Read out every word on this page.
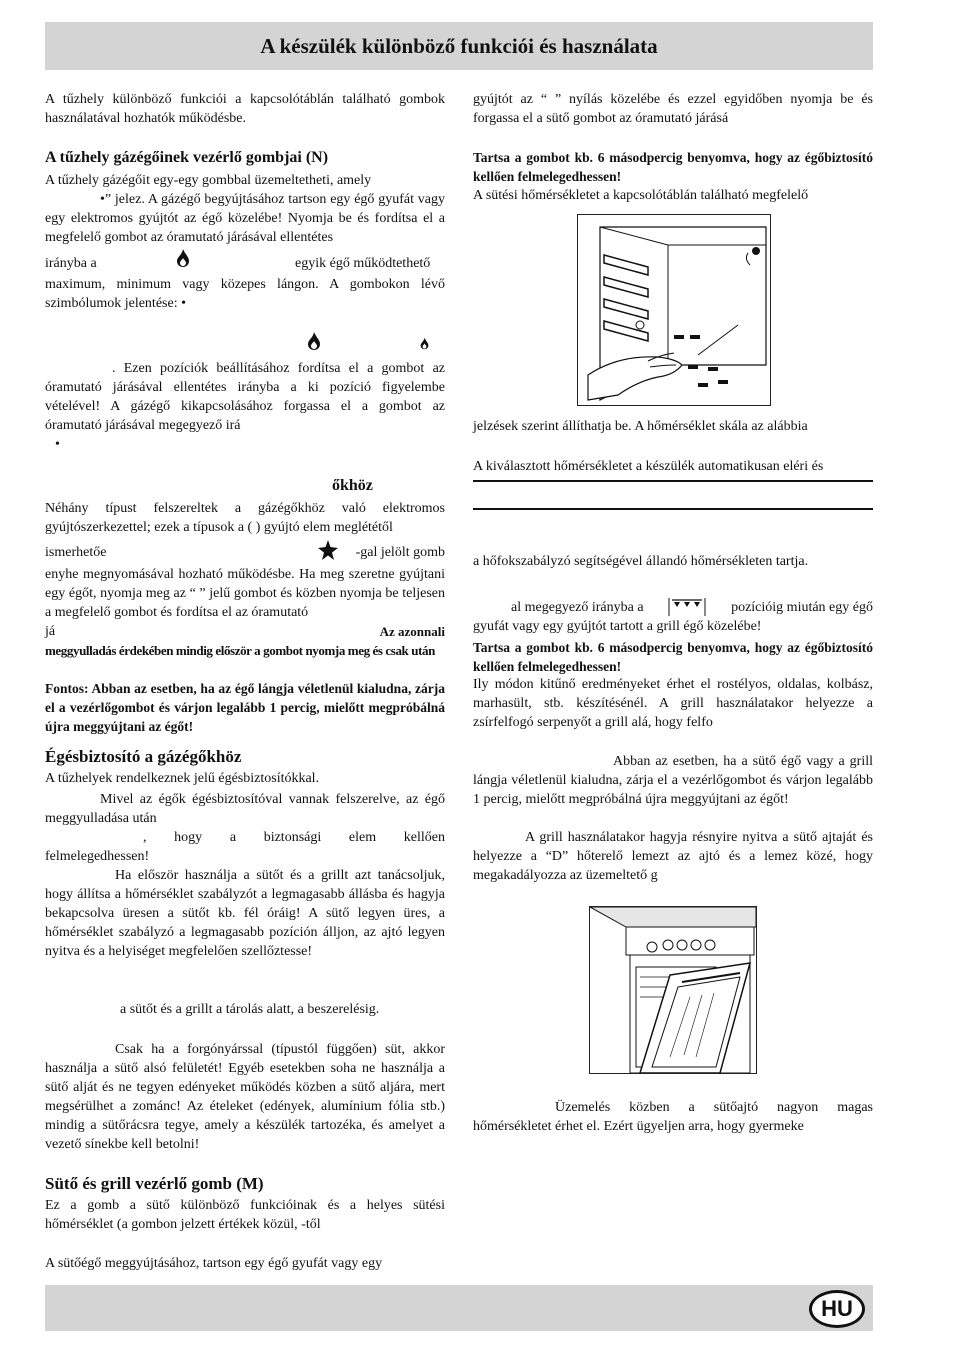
A készülék különböző funkciói és használata

A tűzhely különböző funkciói a kapcsolótáblán található gombok használatával hozhatók működésbe.

A tűzhely gázégőinek vezérlő gombjai (N)

A tűzhely gázégőit egy-egy gombbal üzemeltetheti, amely

•” jelez. A gázégő begyújtásához tartson egy égő gyufát vagy egy elektromos gyújtót az égő közelébe! Nyomja be és fordítsa el a megfelelő gombot az óramutató járásával ellentétes

irányba a	egyik égő működtethető

maximum, minimum vagy közepes lángon. A gombokon lévő szimbólumok jelentése: •

. Ezen pozíciók beállításához fordítsa el a gombot az óramutató járásával ellentétes irányba a ki pozíció figyelembe vételével! A gázégő kikapcsolásához forgassa el a gombot az óramutató járásával megegyező irá

•

őkhöz

Néhány típust felszereltek a gázégőkhöz való elektromos gyújtószerkezettel; ezek a típusok a ( ) gyújtó elem meglététől

ismerhetőe	-gal jelölt gomb

enyhe megnyomásával hozható működésbe. Ha meg szeretne gyújtani egy égőt, nyomja meg az “ ” jelű gombot és közben nyomja be teljesen a megfelelő gombot és fordítsa el az óramutató

já	Az azonnali

meggyulladás érdekében mindig először a gombot nyomja meg és csak után

Fontos: Abban az esetben, ha az égő lángja véletlenül kialudna, zárja el a vezérlőgombot és várjon legalább 1 percig, mielőtt megpróbálná újra meggyújtani az égőt!

Égésbiztosító a gázégőkhöz

A tűzhelyek rendelkeznek jelű égésbiztosítókkal.

Mivel az égők égésbiztosítóval vannak felszerelve, az égő meggyulladása után

, hogy a biztonsági elem kellően felmelegedhessen!

Ha először használja a sütőt és a grillt azt tanácsoljuk, hogy állítsa a hőmérséklet szabályzót a legmagasabb állásba és hagyja bekapcsolva üresen a sütőt kb. fél óráig! A sütő legyen üres, a hőmérséklet szabályzó a legmagasabb pozíción álljon, az ajtó legyen nyitva és a helyiséget megfelelően szellőztesse!

a sütőt és a grillt a tárolás alatt, a beszerelésig.

Csak ha a forgónyárssal (típustól függően) süt, akkor használja a sütő alsó felületét! Egyéb esetekben soha ne használja a sütő alját és ne tegyen edényeket működés közben a sütő aljára, mert megsérülhet a zománc! Az ételeket (edények, alumínium fólia stb.) mindig a sütőrácsra tegye, amely a készülék tartozéka, és amelyet a vezető sínekbe kell betolni!

Sütő és grill vezérlő gomb (M)

Ez a gomb a sütő különböző funkcióinak és a helyes sütési hőmérséklet (a gombon jelzett értékek közül, -től

A sütőégő meggyújtásához, tartson egy égő gyufát vagy egy

gyújtót az “ ” nyílás közelébe és ezzel egyidőben nyomja be és forgassa el a sütő gombot az óramutató járásá

Tartsa a gombot kb. 6 másodpercig benyomva, hogy az égőbiztosító kellően felmelegedhessen!

A sütési hőmérsékletet a kapcsolótáblán található megfelelő

jelzések szerint állíthatja be. A hőmérséklet skála az alábbia

A kiválasztott hőmérsékletet a készülék automatikusan eléri és

a hőfokszabályzó segítségével állandó hőmérsékleten tartja.

al megegyező irányba a	pozícióig miután egy égő

gyufát vagy egy gyújtót tartott a grill égő közelébe!

Tartsa a gombot kb. 6 másodpercig benyomva, hogy az égőbiztosító kellően felmelegedhessen!

Ily módon kitűnő eredményeket érhet el rostélyos, oldalas, kolbász, marhasült, stb. készítésénél. A grill használatakor helyezze a zsírfelfogó serpenyőt a grill alá, hogy felfo

Abban az esetben, ha a sütő égő vagy a grill lángja véletlenül kialudna, zárja el a vezérlőgombot és várjon legalább 1 percig, mielőtt megpróbálná újra meggyújtani az égőt!

A grill használatakor hagyja résnyire nyitva a sütő ajtaját és helyezze a “D” hőterelő lemezt az ajtó és a lemez közé, hogy megakadályozza az üzemeltető g

Üzemelés közben a sütőajtó nagyon magas hőmérsékletet érhet el. Ezért ügyeljen arra, hogy gyermeke

HU
